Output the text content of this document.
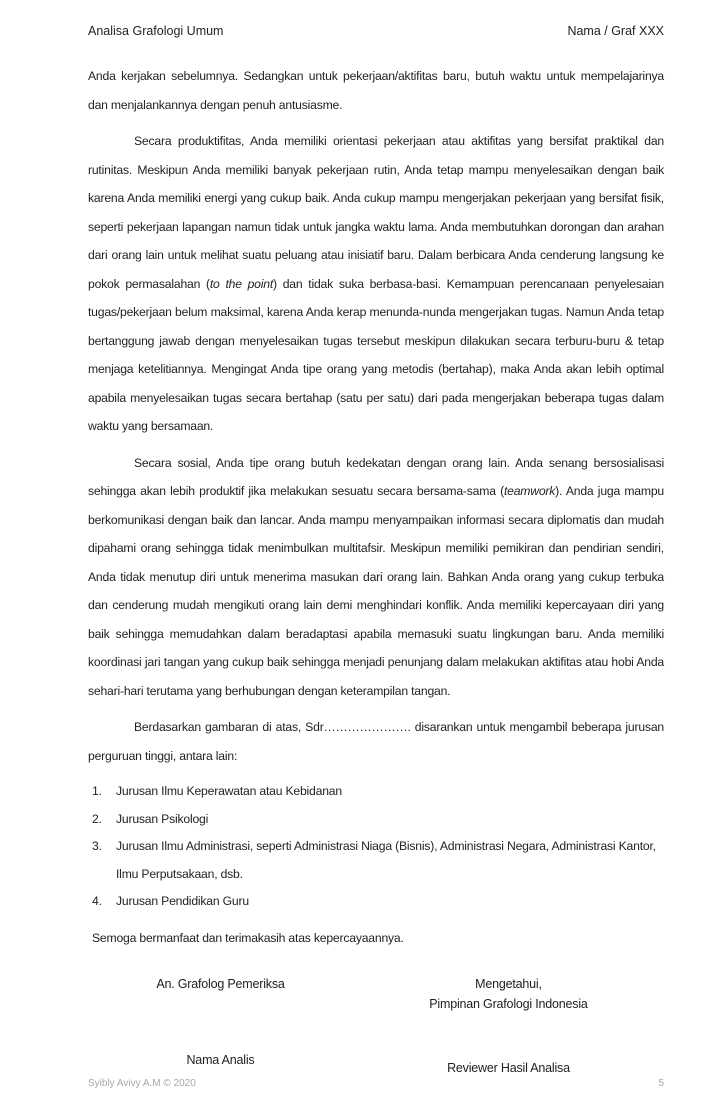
Analisa Grafologi Umum	Nama / Graf XXX

Anda kerjakan sebelumnya. Sedangkan untuk pekerjaan/aktifitas baru, butuh waktu untuk mempelajarinya dan menjalankannya dengan penuh antusiasme.

Secara produktifitas, Anda memiliki orientasi pekerjaan atau aktifitas yang bersifat praktikal dan rutinitas. Meskipun Anda memiliki banyak pekerjaan rutin, Anda tetap mampu menyelesaikan dengan baik karena Anda memiliki energi yang cukup baik. Anda cukup mampu mengerjakan pekerjaan yang bersifat fisik, seperti pekerjaan lapangan namun tidak untuk jangka waktu lama. Anda membutuhkan dorongan dan arahan dari orang lain untuk melihat suatu peluang atau inisiatif baru. Dalam berbicara Anda cenderung langsung ke pokok permasalahan (to the point) dan tidak suka berbasa-basi. Kemampuan perencanaan penyelesaian tugas/pekerjaan belum maksimal, karena Anda kerap menunda-nunda mengerjakan tugas. Namun Anda tetap bertanggung jawab dengan menyelesaikan tugas tersebut meskipun dilakukan secara terburu-buru & tetap menjaga ketelitiannya. Mengingat Anda tipe orang yang metodis (bertahap), maka Anda akan lebih optimal apabila menyelesaikan tugas secara bertahap (satu per satu) dari pada mengerjakan beberapa tugas dalam waktu yang bersamaan.

Secara sosial, Anda tipe orang butuh kedekatan dengan orang lain. Anda senang bersosialisasi sehingga akan lebih produktif jika melakukan sesuatu secara bersama-sama (teamwork). Anda juga mampu berkomunikasi dengan baik dan lancar. Anda mampu menyampaikan informasi secara diplomatis dan mudah dipahami orang sehingga tidak menimbulkan multitafsir. Meskipun memiliki pemikiran dan pendirian sendiri, Anda tidak menutup diri untuk menerima masukan dari orang lain. Bahkan Anda orang yang cukup terbuka dan cenderung mudah mengikuti orang lain demi menghindari konflik. Anda memiliki kepercayaan diri yang baik sehingga memudahkan dalam beradaptasi apabila memasuki suatu lingkungan baru. Anda memiliki koordinasi jari tangan yang cukup baik sehingga menjadi penunjang dalam melakukan aktifitas atau hobi Anda sehari-hari terutama yang berhubungan dengan keterampilan tangan.

Berdasarkan gambaran di atas, Sdr…………………. disarankan untuk mengambil beberapa jurusan perguruan tinggi, antara lain:

1.	Jurusan Ilmu Keperawatan atau Kebidanan
2.	Jurusan Psikologi
3.	Jurusan Ilmu Administrasi, seperti Administrasi Niaga (Bisnis), Administrasi Negara, Administrasi Kantor, Ilmu Perputsakaan, dsb.
4.	Jurusan Pendidikan Guru

Semoga bermanfaat dan terimakasih atas kepercayaannya.

An. Grafolog Pemeriksa
Nama Analis
Mengetahui,
Pimpinan Grafologi Indonesia
Reviewer Hasil Analisa
Syibly Avivy A.M © 2020	5
